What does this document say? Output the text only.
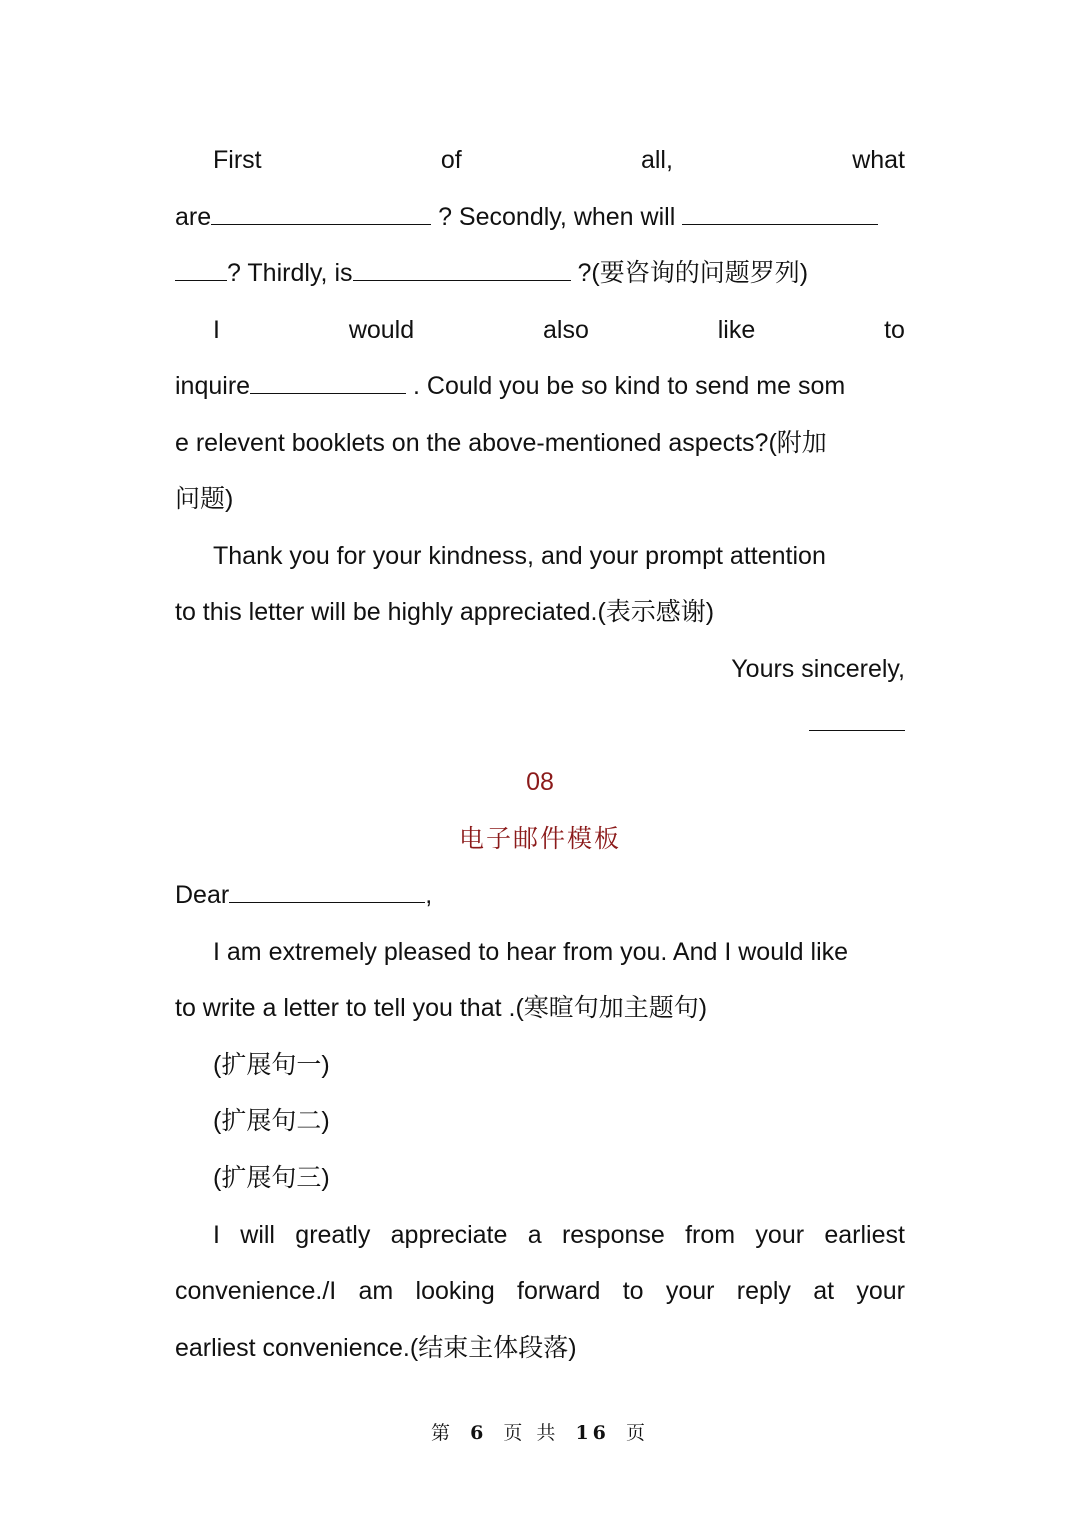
First	of	all,	what
are	? Secondly, when will
? Thirdly, is	?(要咨询的问题罗列)
I	would	also	like	to
inquire	. Could you be so kind to send me som
e relevent booklets on the above-mentioned aspects?(附加
问题)
Thank you for your kindness, and your prompt attention
to this letter will be highly appreciated.(表示感谢)
Yours sincerely,
08
电子邮件模板
Dear	,
I am extremely pleased to hear from you. And I would like
to write a letter to tell you that .(寒暄句加主题句)
(扩展句一)
(扩展句二)
(扩展句三)
I will greatly appreciate a response from your earliest
convenience./I am looking forward to your reply at your
earliest convenience.(结束主体段落)
第 6 页 共 16 页
